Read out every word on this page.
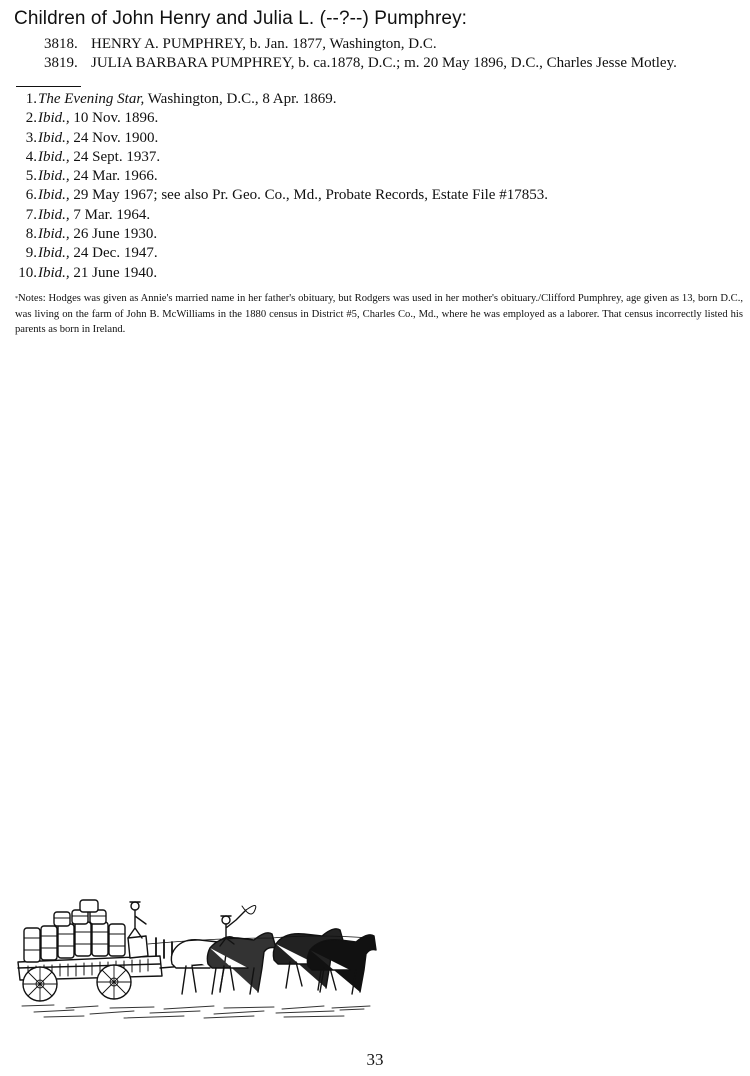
Children of John Henry and Julia L. (--?--) Pumphrey:
3818. HENRY A. PUMPHREY, b. Jan. 1877, Washington, D.C.
3819. JULIA BARBARA PUMPHREY, b. ca.1878, D.C.; m. 20 May 1896, D.C., Charles Jesse Motley.
1. The Evening Star, Washington, D.C., 8 Apr. 1869.
2. Ibid., 10 Nov. 1896.
3. Ibid., 24 Nov. 1900.
4. Ibid., 24 Sept. 1937.
5. Ibid., 24 Mar. 1966.
6. Ibid., 29 May 1967; see also Pr. Geo. Co., Md., Probate Records, Estate File #17853.
7. Ibid., 7 Mar. 1964.
8. Ibid., 26 June 1930.
9. Ibid., 24 Dec. 1947.
10. Ibid., 21 June 1940.
*Notes: Hodges was given as Annie's married name in her father's obituary, but Rodgers was used in her mother's obituary./Clifford Pumphrey, age given as 13, born D.C., was living on the farm of John B. McWilliams in the 1880 census in District #5, Charles Co., Md., where he was employed as a laborer. That census incorrectly listed his parents as born in Ireland.
33
